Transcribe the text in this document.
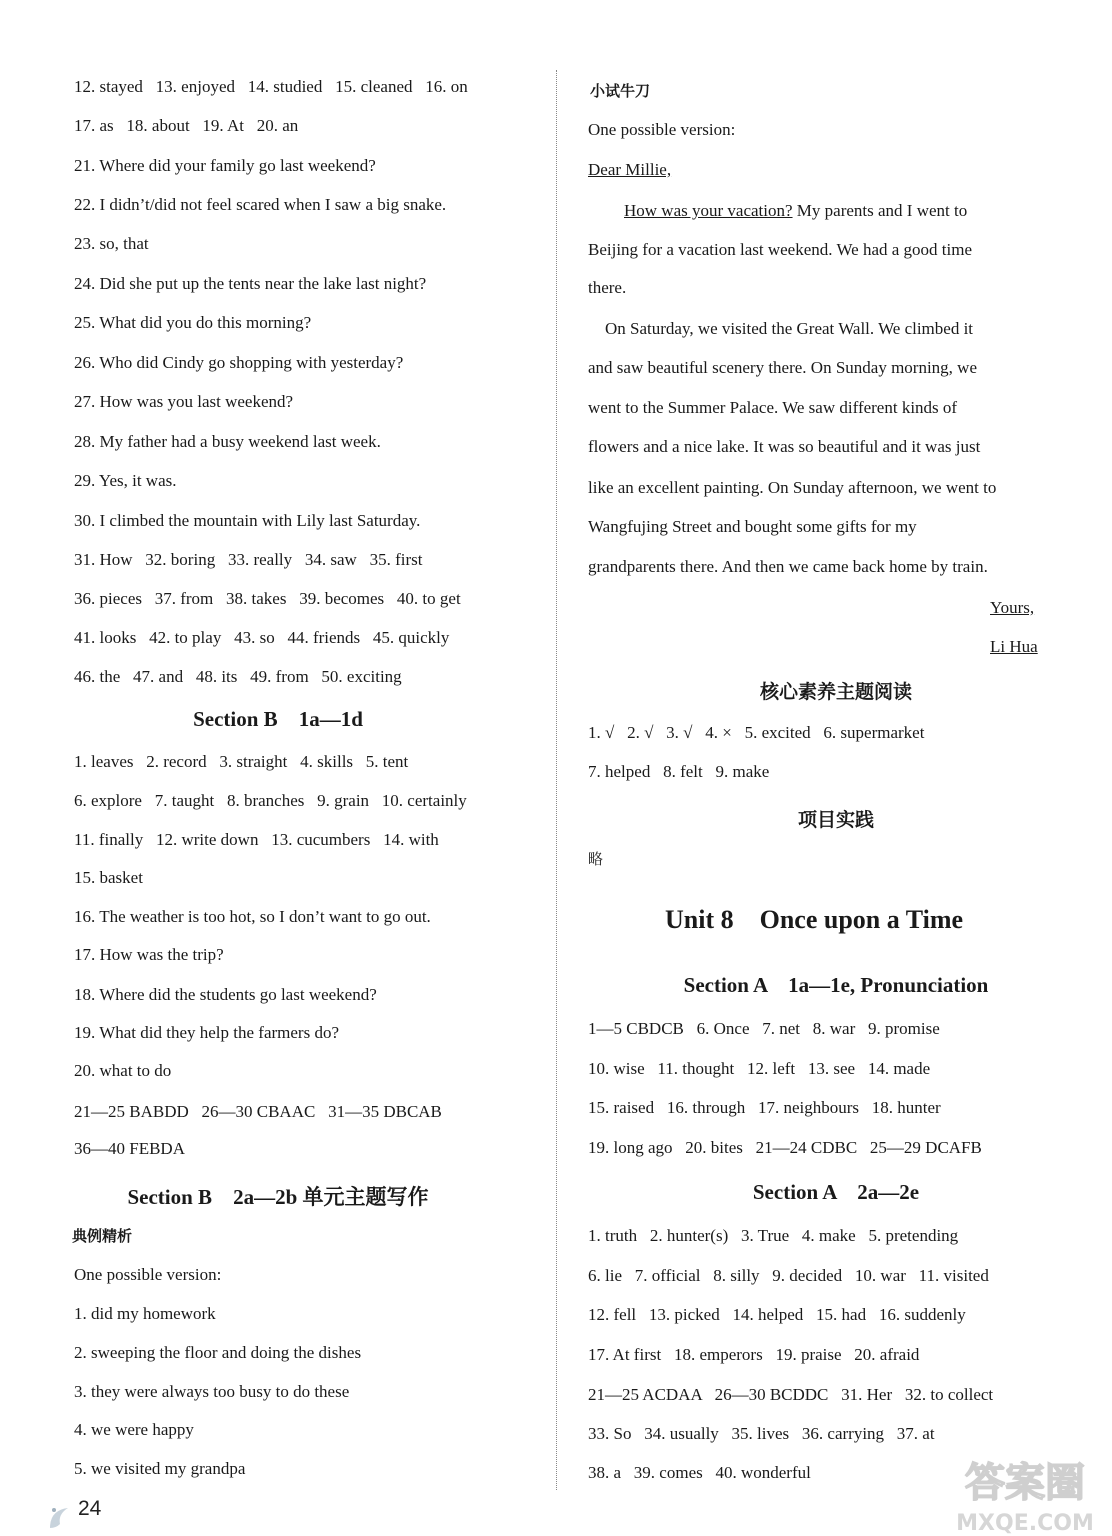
12. stayed   13. enjoyed   14. studied   15. cleaned   16. on
17. as   18. about   19. At   20. an
21. Where did your family go last weekend?
22. I didn’t/did not feel scared when I saw a big snake.
23. so, that
24. Did she put up the tents near the lake last night?
25. What did you do this morning?
26. Who did Cindy go shopping with yesterday?
27. How was you last weekend?
28. My father had a busy weekend last week.
29. Yes, it was.
30. I climbed the mountain with Lily last Saturday.
31. How   32. boring   33. really   34. saw   35. first
36. pieces   37. from   38. takes   39. becomes   40. to get
41. looks   42. to play   43. so   44. friends   45. quickly
46. the   47. and   48. its   49. from   50. exciting
Section B    1a—1d
1. leaves   2. record   3. straight   4. skills   5. tent
6. explore   7. taught   8. branches   9. grain   10. certainly
11. finally   12. write down   13. cucumbers   14. with
15. basket
16. The weather is too hot, so I don’t want to go out.
17. How was the trip?
18. Where did the students go last weekend?
19. What did they help the farmers do?
20. what to do
21—25 BABDD   26—30 CBAAC   31—35 DBCAB
36—40 FEBDA
Section B    2a—2b 单元主题写作
典例精析
One possible version:
1. did my homework
2. sweeping the floor and doing the dishes
3. they were always too busy to do these
4. we were happy
5. we visited my grandpa
小试牛刀
One possible version:
Dear Millie,
How was your vacation? My parents and I went to
Beijing for a vacation last weekend. We had a good time
there.
On Saturday, we visited the Great Wall. We climbed it
and saw beautiful scenery there. On Sunday morning, we
went to the Summer Palace. We saw different kinds of
flowers and a nice lake. It was so beautiful and it was just
like an excellent painting. On Sunday afternoon, we went to
Wangfujing Street and bought some gifts for my
grandparents there. And then we came back home by train.
Yours,
Li Hua
核心素养主题阅读
1. √   2. √   3. √   4. ×   5. excited   6. supermarket
7. helped   8. felt   9. make
项目实践
略
Unit 8    Once upon a Time
Section A    1a—1e, Pronunciation
1—5 CBDCB   6. Once   7. net   8. war   9. promise
10. wise   11. thought   12. left   13. see   14. made
15. raised   16. through   17. neighbours   18. hunter
19. long ago   20. bites   21—24 CDBC   25—29 DCAFB
Section A    2a—2e
1. truth   2. hunter(s)   3. True   4. make   5. pretending
6. lie   7. official   8. silly   9. decided   10. war   11. visited
12. fell   13. picked   14. helped   15. had   16. suddenly
17. At first   18. emperors   19. praise   20. afraid
21—25 ACDAA   26—30 BCDDC   31. Her   32. to collect
33. So   34. usually   35. lives   36. carrying   37. at
38. a   39. comes   40. wonderful
24
答案圈
MXQE.COM
